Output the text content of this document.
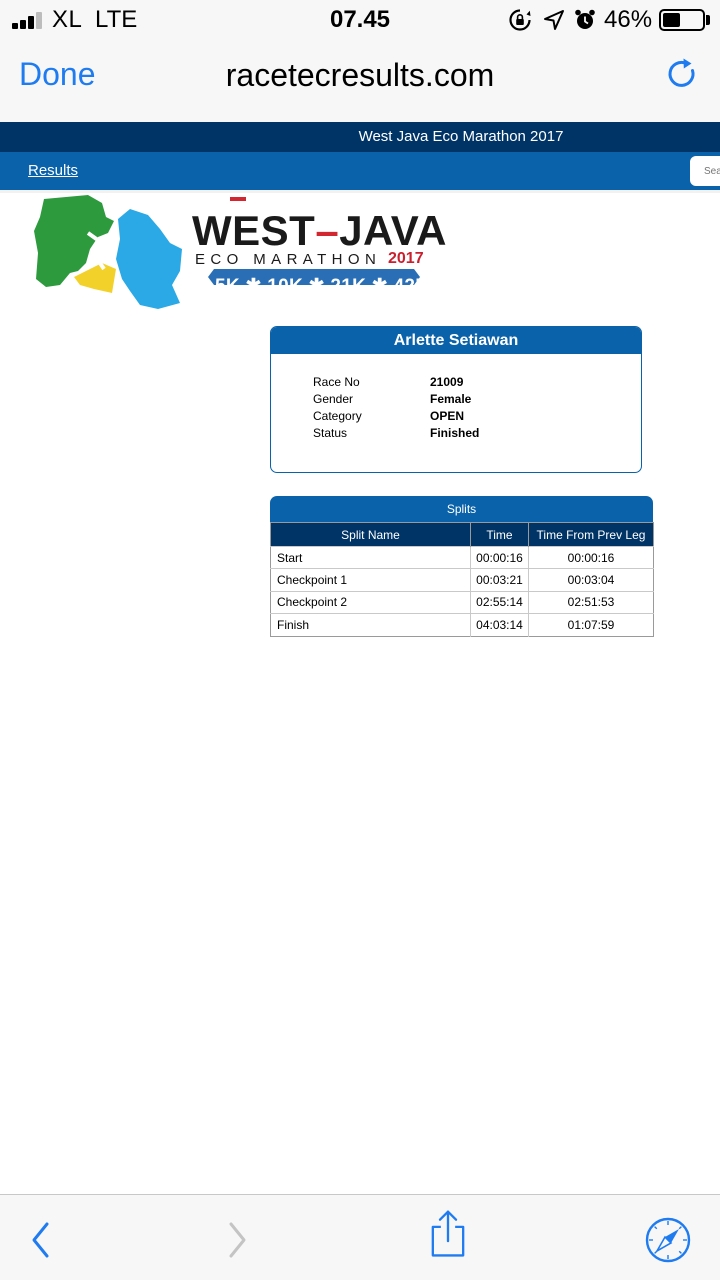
XL LTE	07.45	46%
Done	racetecresults.com
West Java Eco Marathon 2017
Results
Search
WEST–JAVA
ECO MARATHON 2017
5K ✱ 10K ✱ 21K ✱ 42K
Arlette Setiawan
Race No	21009
Gender	Female
Category	OPEN
Status	Finished
Splits
Split Name	Time	Time From Prev Leg
Start	00:00:16	00:00:16
Checkpoint 1	00:03:21	00:03:04
Checkpoint 2	02:55:14	02:51:53
Finish	04:03:14	01:07:59
